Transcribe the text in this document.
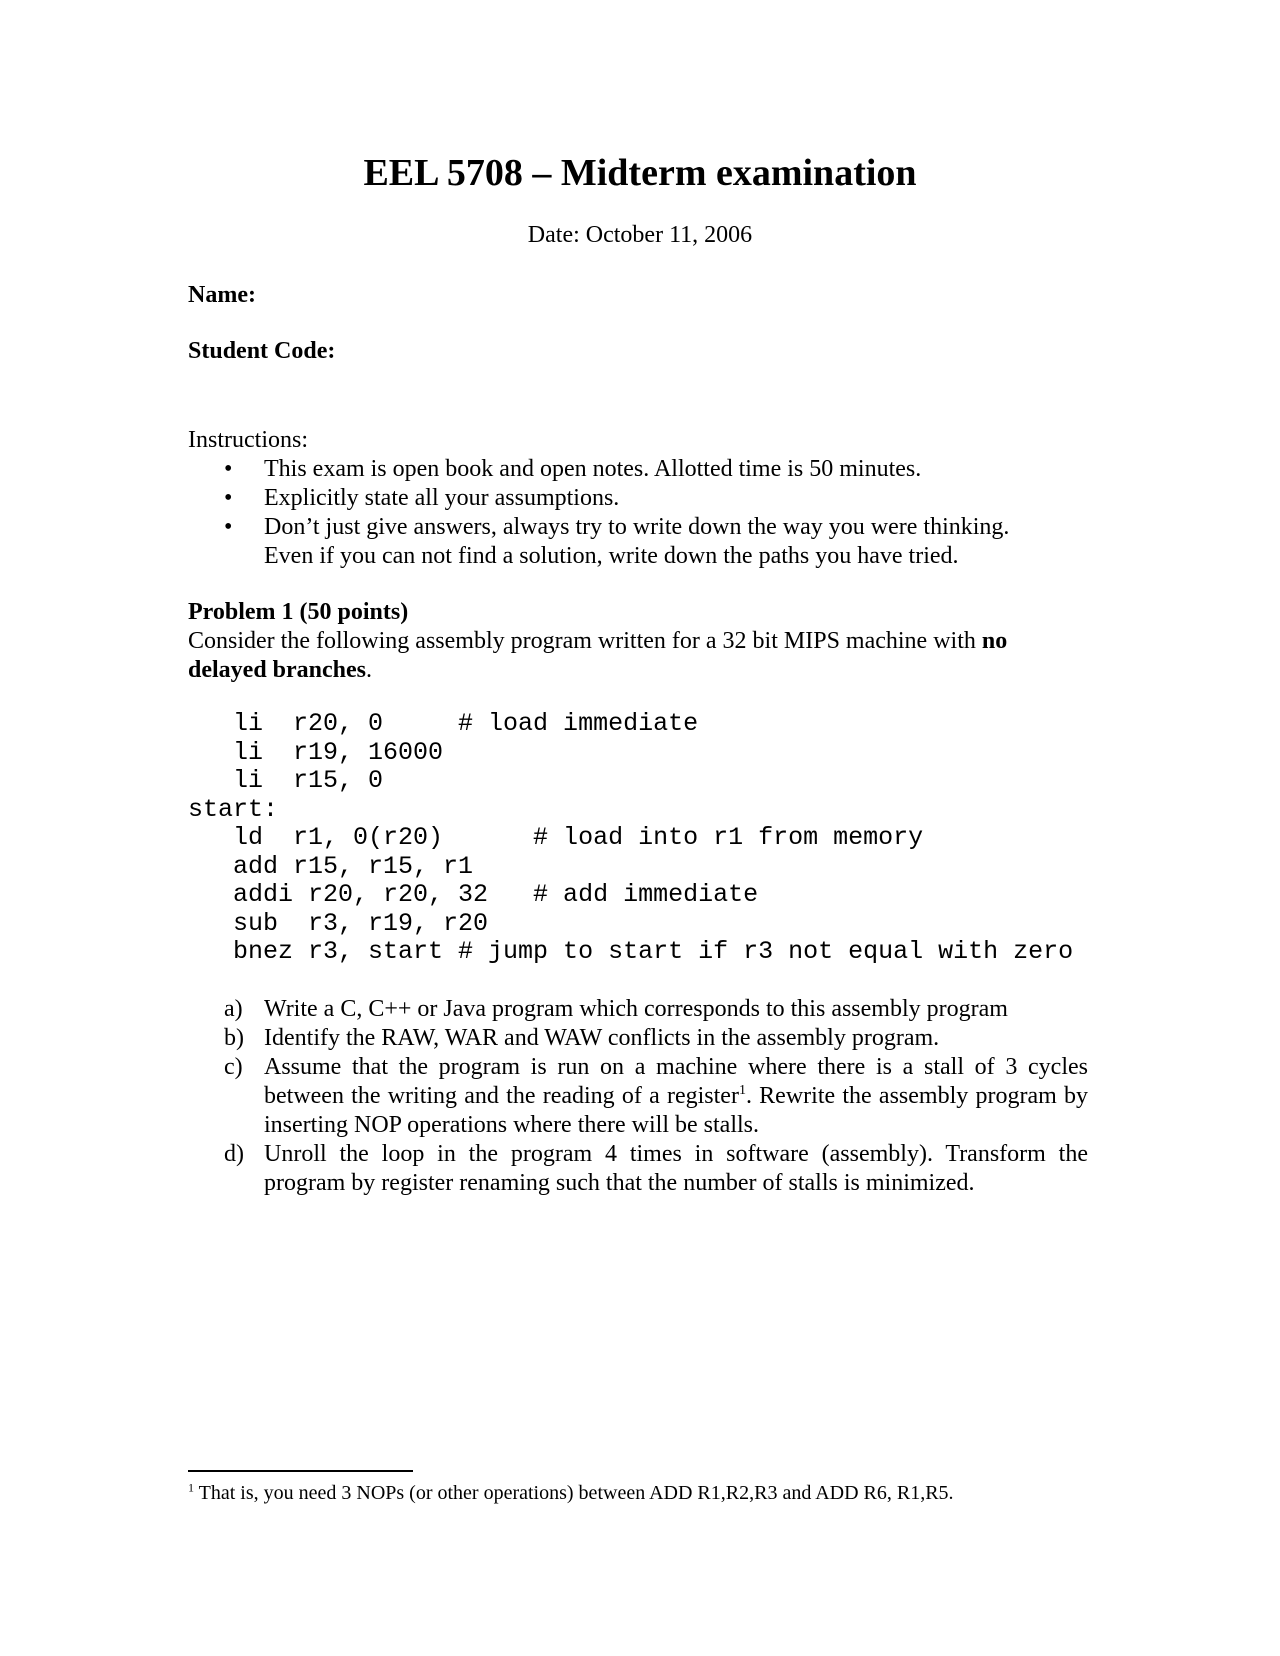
EEL 5708 – Midterm examination
Date: October 11, 2006
Name:
Student Code:
Instructions:
• This exam is open book and open notes. Allotted time is 50 minutes.
• Explicitly state all your assumptions.
• Don’t just give answers, always try to write down the way you were thinking. Even if you can not find a solution, write down the paths you have tried.
Problem 1 (50 points)
Consider the following assembly program written for a 32 bit MIPS machine with no delayed branches.
li  r20, 0     # load immediate
li  r19, 16000
li  r15, 0
start:
ld  r1, 0(r20)      # load into r1 from memory
add r15, r15, r1
addi r20, r20, 32   # add immediate
sub  r3, r19, r20
bnez r3, start # jump to start if r3 not equal with zero
a) Write a C, C++ or Java program which corresponds to this assembly program
b) Identify the RAW, WAR and WAW conflicts in the assembly program.
c) Assume that the program is run on a machine where there is a stall of 3 cycles between the writing and the reading of a register$^1$. Rewrite the assembly program by inserting NOP operations where there will be stalls.
d) Unroll the loop in the program 4 times in software (assembly). Transform the program by register renaming such that the number of stalls is minimized.
$^1$ That is, you need 3 NOPs (or other operations) between ADD R1,R2,R3 and ADD R6, R1,R5.
